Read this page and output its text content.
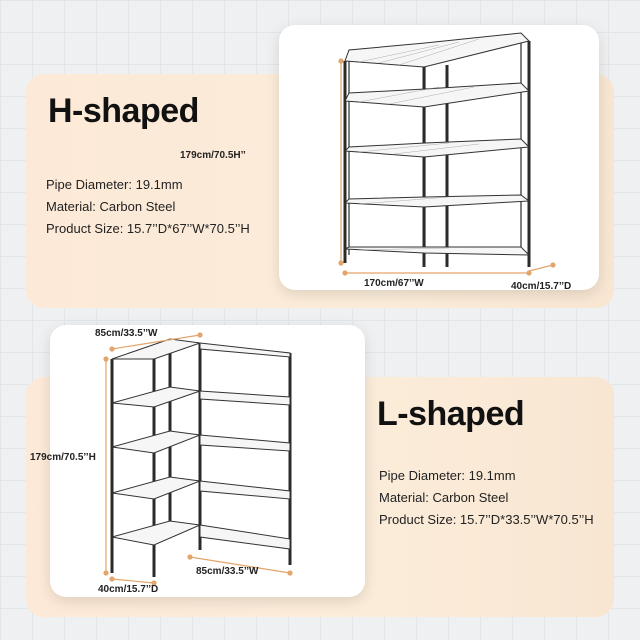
179cm/70.5H’’
170cm/67’’W	40cm/15.7’’D
H-shaped
Pipe Diameter: 19.1mm
Material: Carbon Steel
Product Size: 15.7’’D*67’’W*70.5’’H
85cm/33.5’’W
179cm/70.5’’H
85cm/33.5’’W
40cm/15.7’’D
L-shaped
Pipe Diameter: 19.1mm
Material: Carbon Steel
Product Size: 15.7’’D*33.5’’W*70.5’’H
